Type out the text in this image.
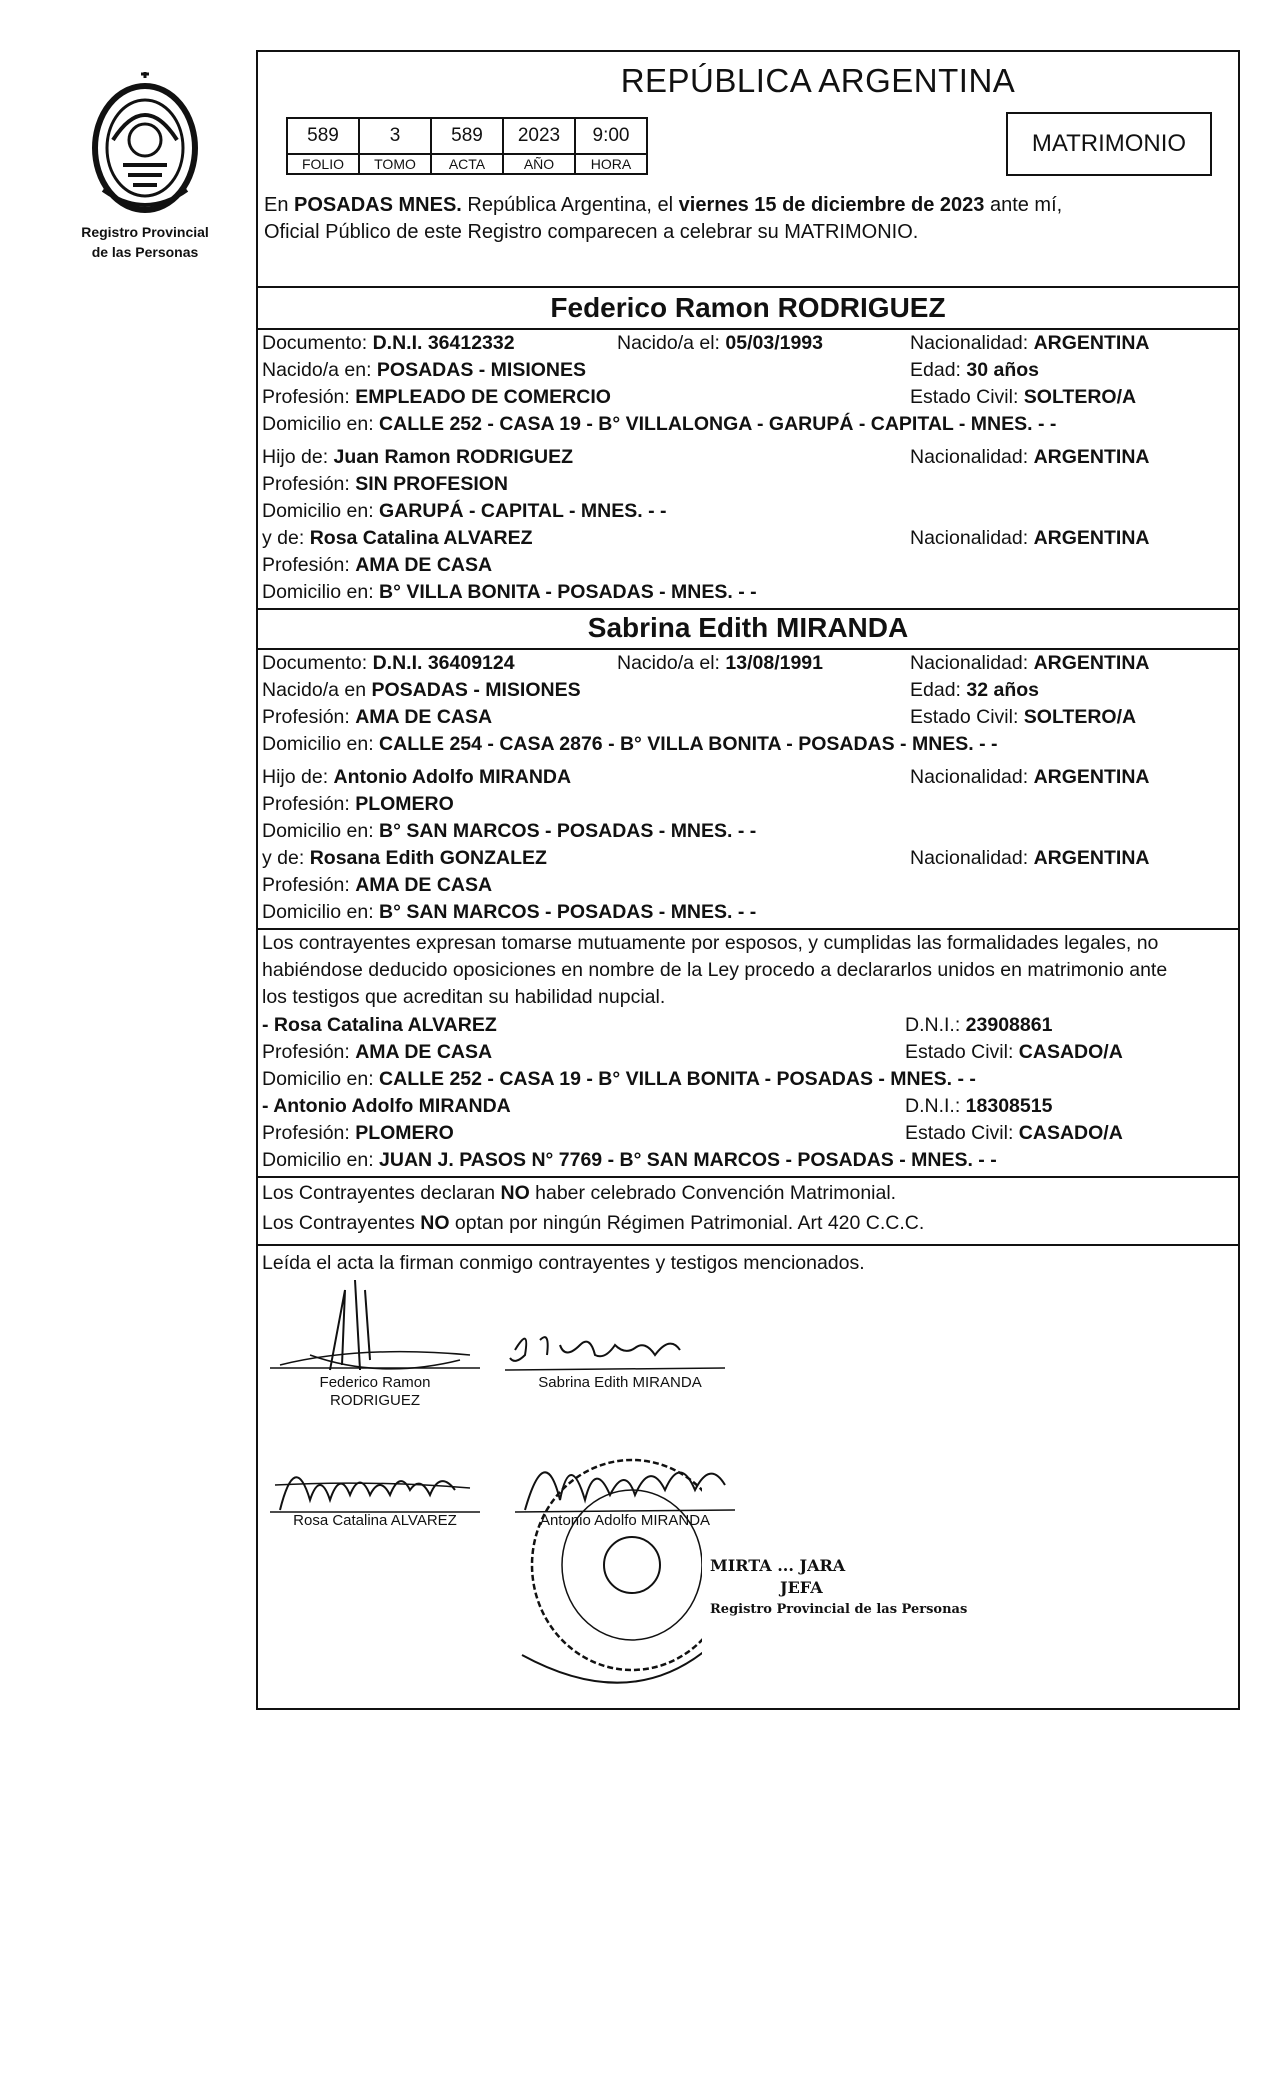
Registro Provincial
de las Personas
REPÚBLICA ARGENTINA
589	3	589	2023	9:00
FOLIO	TOMO	ACTA	AÑO	HORA
MATRIMONIO
En POSADAS MNES. República Argentina, el viernes 15 de diciembre de 2023 ante mí,
Oficial Público de este Registro comparecen a celebrar su MATRIMONIO.
Federico Ramon RODRIGUEZ
Documento: D.N.I. 36412332	Nacido/a el: 05/03/1993	Nacionalidad: ARGENTINA
Nacido/a en: POSADAS - MISIONES	Edad: 30 años
Profesión: EMPLEADO DE COMERCIO	Estado Civil: SOLTERO/A
Domicilio en: CALLE 252 - CASA 19 - B° VILLALONGA - GARUPÁ - CAPITAL - MNES. - -
Hijo de: Juan Ramon RODRIGUEZ	Nacionalidad: ARGENTINA
Profesión: SIN PROFESION
Domicilio en: GARUPÁ - CAPITAL - MNES. - -
y de: Rosa Catalina ALVAREZ	Nacionalidad: ARGENTINA
Profesión: AMA DE CASA
Domicilio en: B° VILLA BONITA - POSADAS - MNES. - -
Sabrina Edith MIRANDA
Documento: D.N.I. 36409124	Nacido/a el: 13/08/1991	Nacionalidad: ARGENTINA
Nacido/a en POSADAS - MISIONES	Edad: 32 años
Profesión: AMA DE CASA	Estado Civil: SOLTERO/A
Domicilio en: CALLE 254 - CASA 2876 - B° VILLA BONITA - POSADAS - MNES. - -
Hijo de: Antonio Adolfo MIRANDA	Nacionalidad: ARGENTINA
Profesión: PLOMERO
Domicilio en: B° SAN MARCOS - POSADAS - MNES. - -
y de: Rosana Edith GONZALEZ	Nacionalidad: ARGENTINA
Profesión: AMA DE CASA
Domicilio en: B° SAN MARCOS - POSADAS - MNES. - -
Los contrayentes expresan tomarse mutuamente por esposos, y cumplidas las formalidades legales, no
habiéndose deducido oposiciones en nombre de la Ley procedo a declararlos unidos en matrimonio ante
los testigos que acreditan su habilidad nupcial.
- Rosa Catalina ALVAREZ	D.N.I.: 23908861
Profesión: AMA DE CASA	Estado Civil: CASADO/A
Domicilio en: CALLE 252 - CASA 19 - B° VILLA BONITA - POSADAS - MNES. - -
- Antonio Adolfo MIRANDA	D.N.I.: 18308515
Profesión: PLOMERO	Estado Civil: CASADO/A
Domicilio en: JUAN J. PASOS N° 7769 - B° SAN MARCOS - POSADAS - MNES. - -
Los Contrayentes declaran NO haber celebrado Convención Matrimonial.
Los Contrayentes NO optan por ningún Régimen Patrimonial. Art 420 C.C.C.
Leída el acta la firman conmigo contrayentes y testigos mencionados.
Federico Ramon
RODRIGUEZ
Sabrina Edith MIRANDA
Rosa Catalina ALVAREZ	Antonio Adolfo MIRANDA
MIRTA ... JARA
JEFA
Registro Provincial de las Personas
